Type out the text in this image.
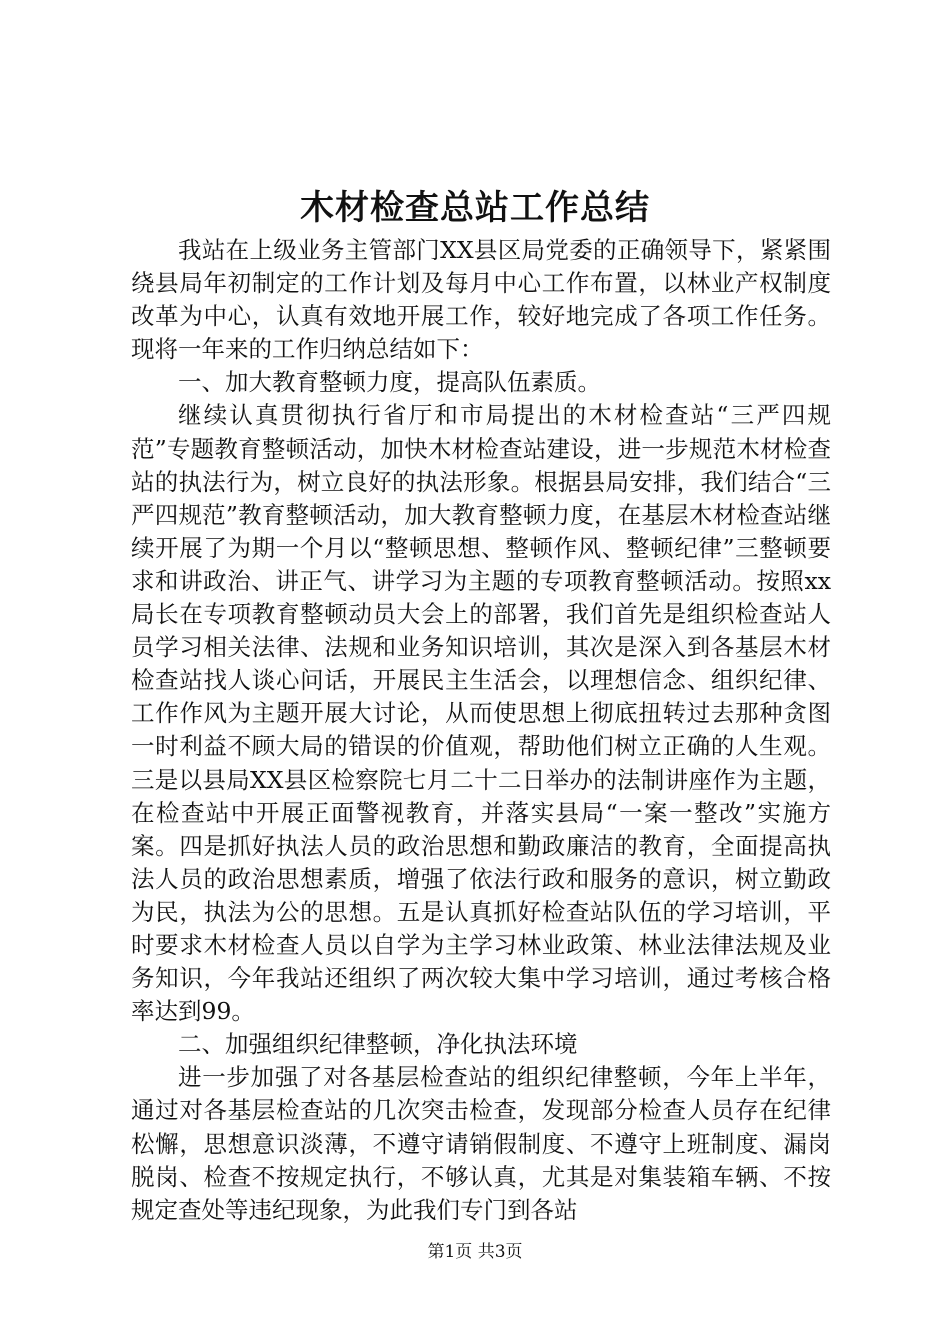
木材检查总站工作总结

我站在上级业务主管部门XX县区局党委的正确领导下，紧紧围绕县局年初制定的工作计划及每月中心工作布置，以林业产权制度改革为中心，认真有效地开展工作，较好地完成了各项工作任务。现将一年来的工作归纳总结如下：

一、加大教育整顿力度，提高队伍素质。

继续认真贯彻执行省厅和市局提出的木材检查站“三严四规范”专题教育整顿活动，加快木材检查站建设，进一步规范木材检查站的执法行为，树立良好的执法形象。根据县局安排，我们结合“三严四规范”教育整顿活动，加大教育整顿力度，在基层木材检查站继续开展了为期一个月以“整顿思想、整顿作风、整顿纪律”三整顿要求和讲政治、讲正气、讲学习为主题的专项教育整顿活动。按照xx局长在专项教育整顿动员大会上的部署，我们首先是组织检查站人员学习相关法律、法规和业务知识培训，其次是深入到各基层木材检查站找人谈心问话，开展民主生活会，以理想信念、组织纪律、工作作风为主题开展大讨论，从而使思想上彻底扭转过去那种贪图一时利益不顾大局的错误的价值观，帮助他们树立正确的人生观。三是以县局XX县区检察院七月二十二日举办的法制讲座作为主题，在检查站中开展正面警视教育，并落实县局“一案一整改”实施方案。四是抓好执法人员的政治思想和勤政廉洁的教育，全面提高执法人员的政治思想素质，增强了依法行政和服务的意识，树立勤政为民，执法为公的思想。五是认真抓好检查站队伍的学习培训，平时要求木材检查人员以自学为主学习林业政策、林业法律法规及业务知识，今年我站还组织了两次较大集中学习培训，通过考核合格率达到99。

二、加强组织纪律整顿，净化执法环境

进一步加强了对各基层检查站的组织纪律整顿，今年上半年，通过对各基层检查站的几次突击检查，发现部分检查人员存在纪律松懈，思想意识淡薄，不遵守请销假制度、不遵守上班制度、漏岗脱岗、检查不按规定执行，不够认真，尤其是对集装箱车辆、不按规定查处等违纪现象，为此我们专门到各站

第1页 共3页
